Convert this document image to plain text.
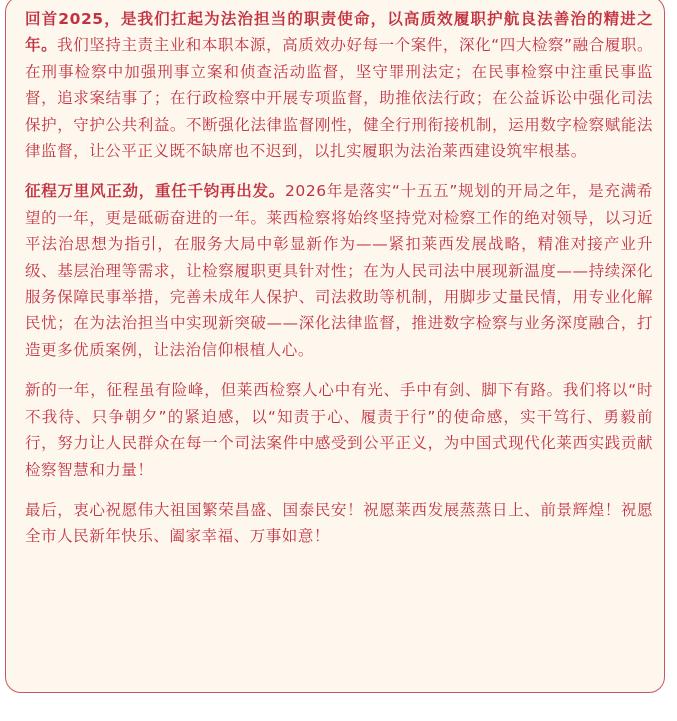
回首2025，是我们扛起为法治担当的职责使命，以高质效履职护航良法善治的精进之年。我们坚持主责主业和本职本源，高质效办好每一个案件，深化“四大检察”融合履职。在刑事检察中加强刑事立案和侦查活动监督，坚守罪刑法定；在民事检察中注重民事监督，追求案结事了；在行政检察中开展专项监督，助推依法行政；在公益诉讼中强化司法保护，守护公共利益。不断强化法律监督刚性，健全行刑衔接机制，运用数字检察赋能法律监督，让公平正义既不缺席也不迟到，以扎实履职为法治莱西建设筑牢根基。

征程万里风正劲，重任千钧再出发。2026年是落实“十五五”规划的开局之年，是充满希望的一年，更是砥砺奋进的一年。莱西检察将始终坚持党对检察工作的绝对领导，以习近平法治思想为指引，在服务大局中彰显新作为——紧扣莱西发展战略，精准对接产业升级、基层治理等需求，让检察履职更具针对性；在为人民司法中展现新温度——持续深化服务保障民事举措，完善未成年人保护、司法救助等机制，用脚步丈量民情，用专业化解民忧；在为法治担当中实现新突破——深化法律监督，推进数字检察与业务深度融合，打造更多优质案例，让法治信仰根植人心。

新的一年，征程虽有险峰，但莱西检察人心中有光、手中有剑、脚下有路。我们将以“时不我待、只争朝夕”的紧迫感，以“知责于心、履责于行”的使命感，实干笃行、勇毅前行，努力让人民群众在每一个司法案件中感受到公平正义，为中国式现代化莱西实践贡献检察智慧和力量！

最后，衷心祝愿伟大祖国繁荣昌盛、国泰民安！祝愿莱西发展蒸蒸日上、前景辉煌！祝愿全市人民新年快乐、阖家幸福、万事如意！
